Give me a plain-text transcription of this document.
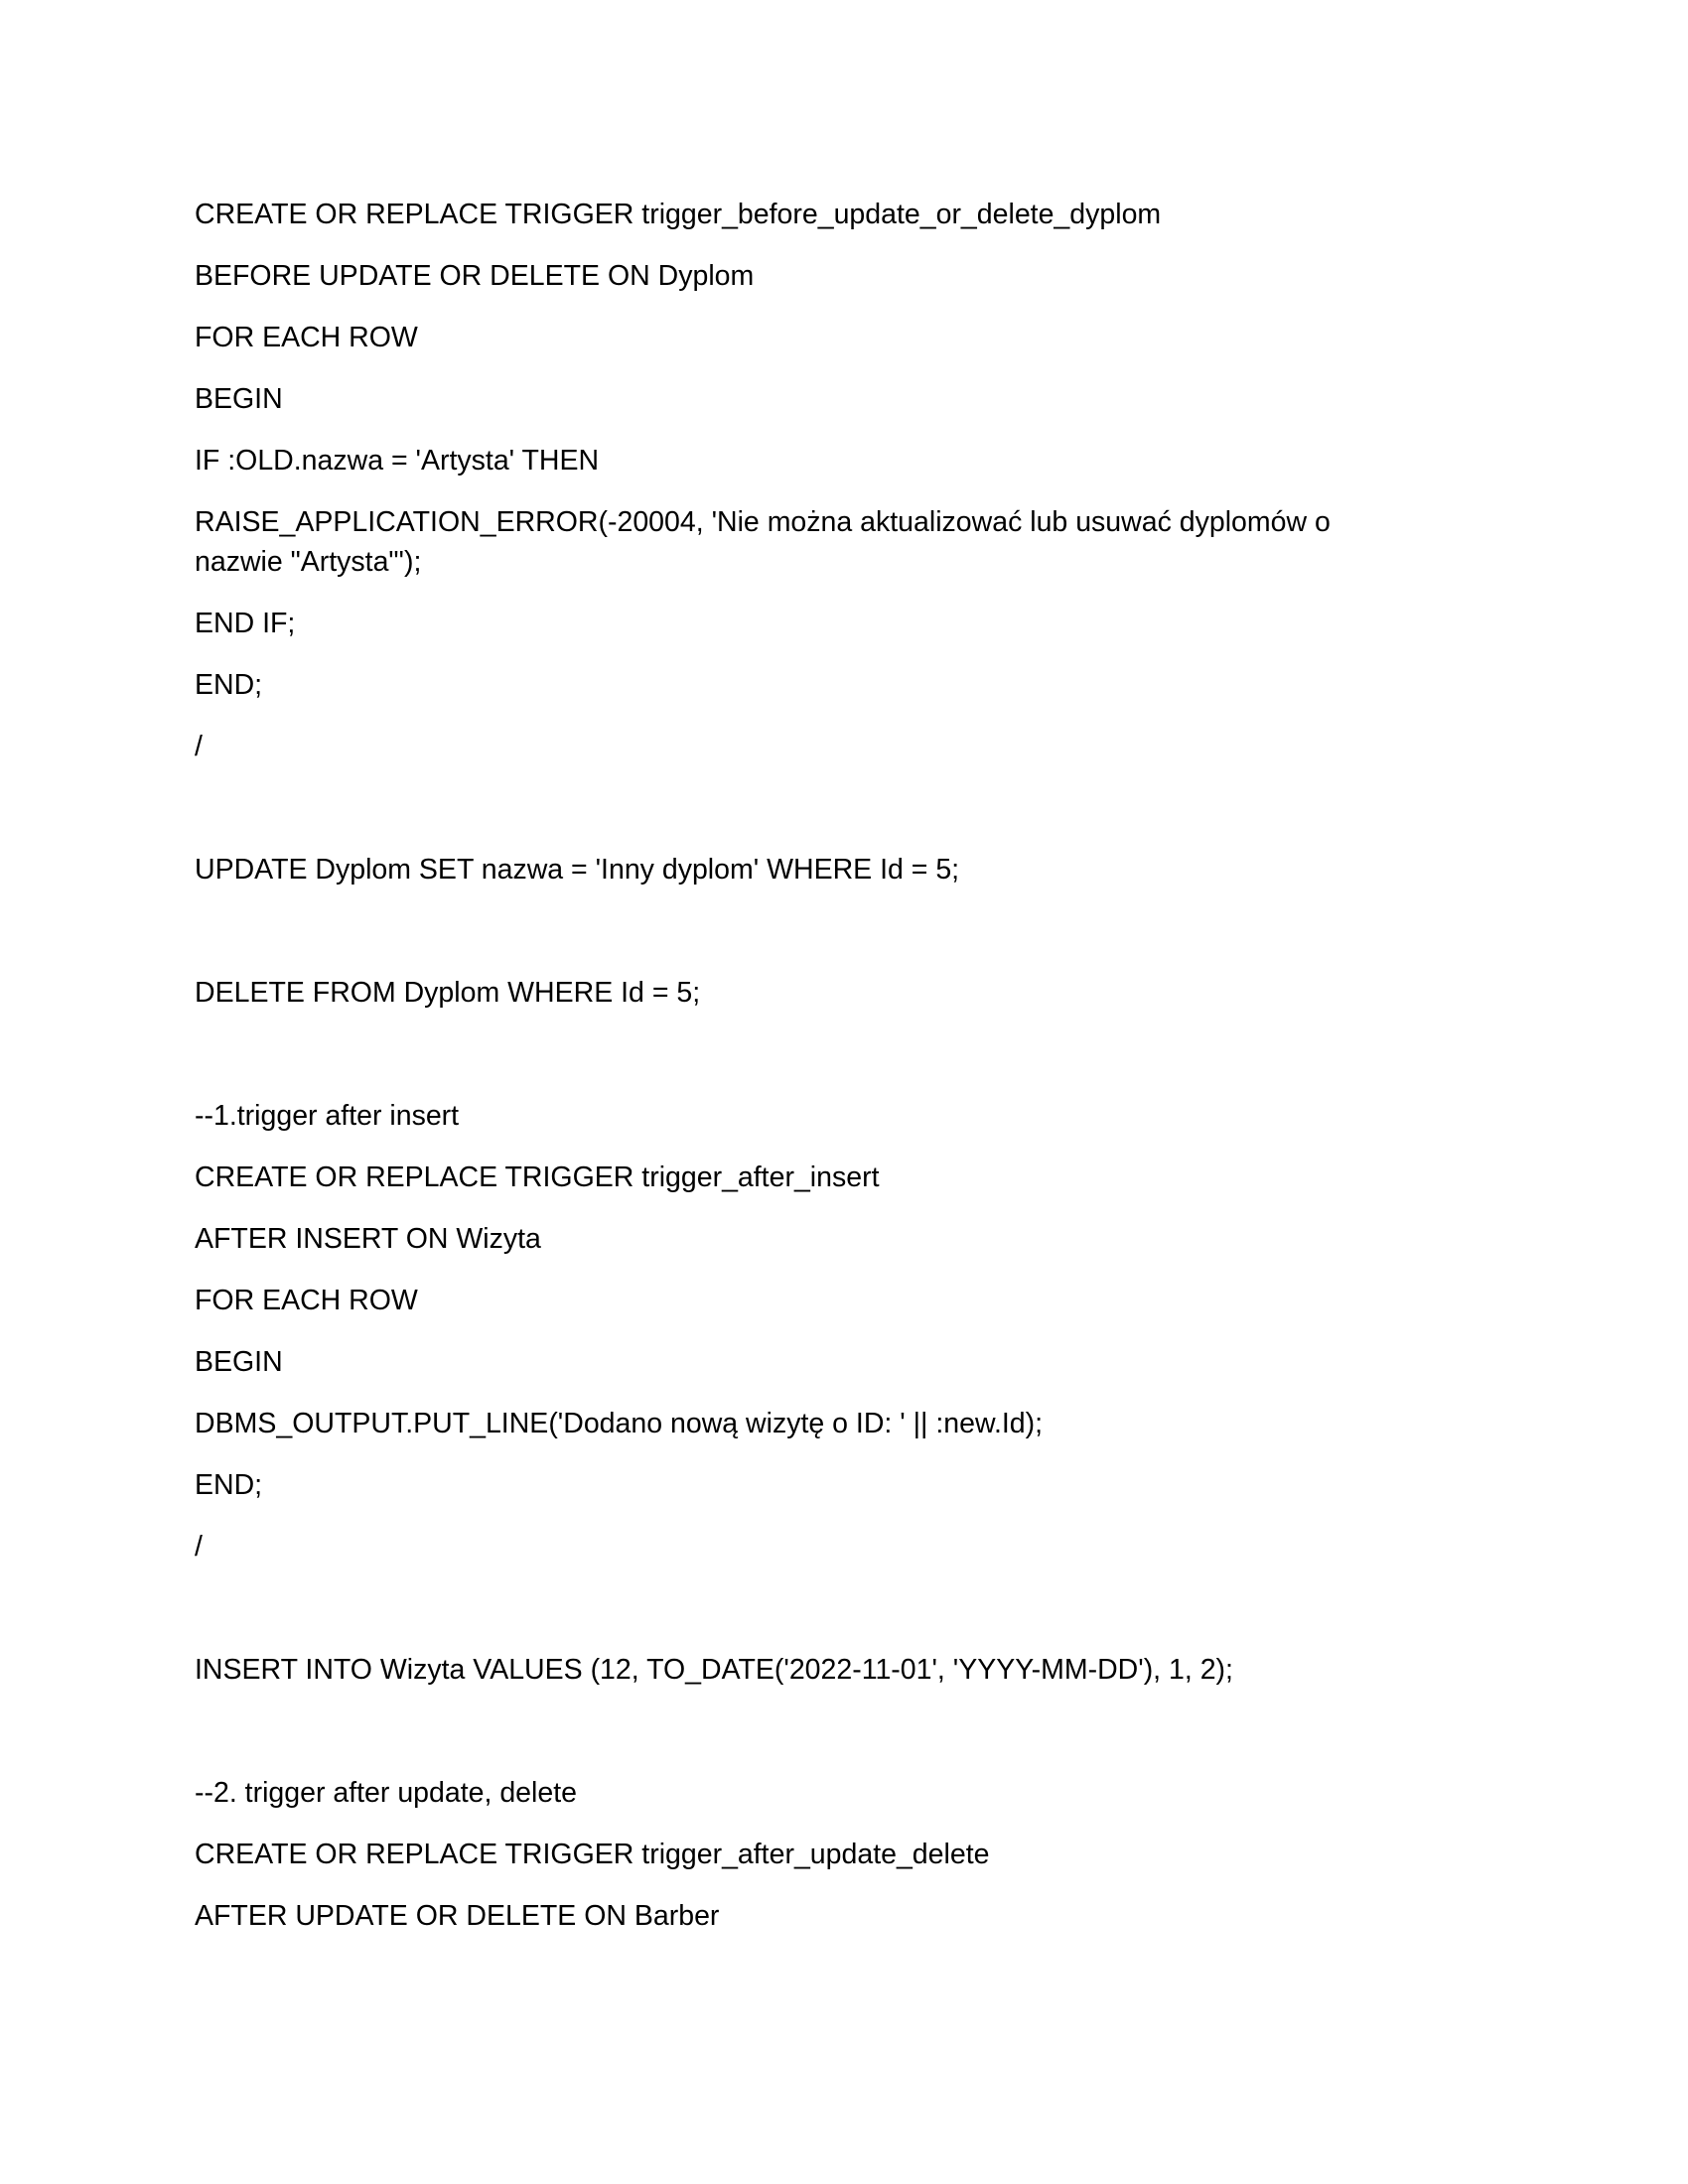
CREATE OR REPLACE TRIGGER trigger_before_update_or_delete_dyplom
BEFORE UPDATE OR DELETE ON Dyplom
FOR EACH ROW
BEGIN
IF :OLD.nazwa = 'Artysta' THEN
RAISE_APPLICATION_ERROR(-20004, 'Nie można aktualizować lub usuwać dyplomów o nazwie "Artysta"');
END IF;
END;
/
UPDATE Dyplom SET nazwa = 'Inny dyplom' WHERE Id = 5;
DELETE FROM Dyplom WHERE Id = 5;
--1.trigger after insert
CREATE OR REPLACE TRIGGER trigger_after_insert
AFTER INSERT ON Wizyta
FOR EACH ROW
BEGIN
DBMS_OUTPUT.PUT_LINE('Dodano nową wizytę o ID: ' || :new.Id);
END;
/
INSERT INTO Wizyta VALUES (12, TO_DATE('2022-11-01', 'YYYY-MM-DD'), 1, 2);
--2. trigger after update, delete
CREATE OR REPLACE TRIGGER trigger_after_update_delete
AFTER UPDATE OR DELETE ON Barber
